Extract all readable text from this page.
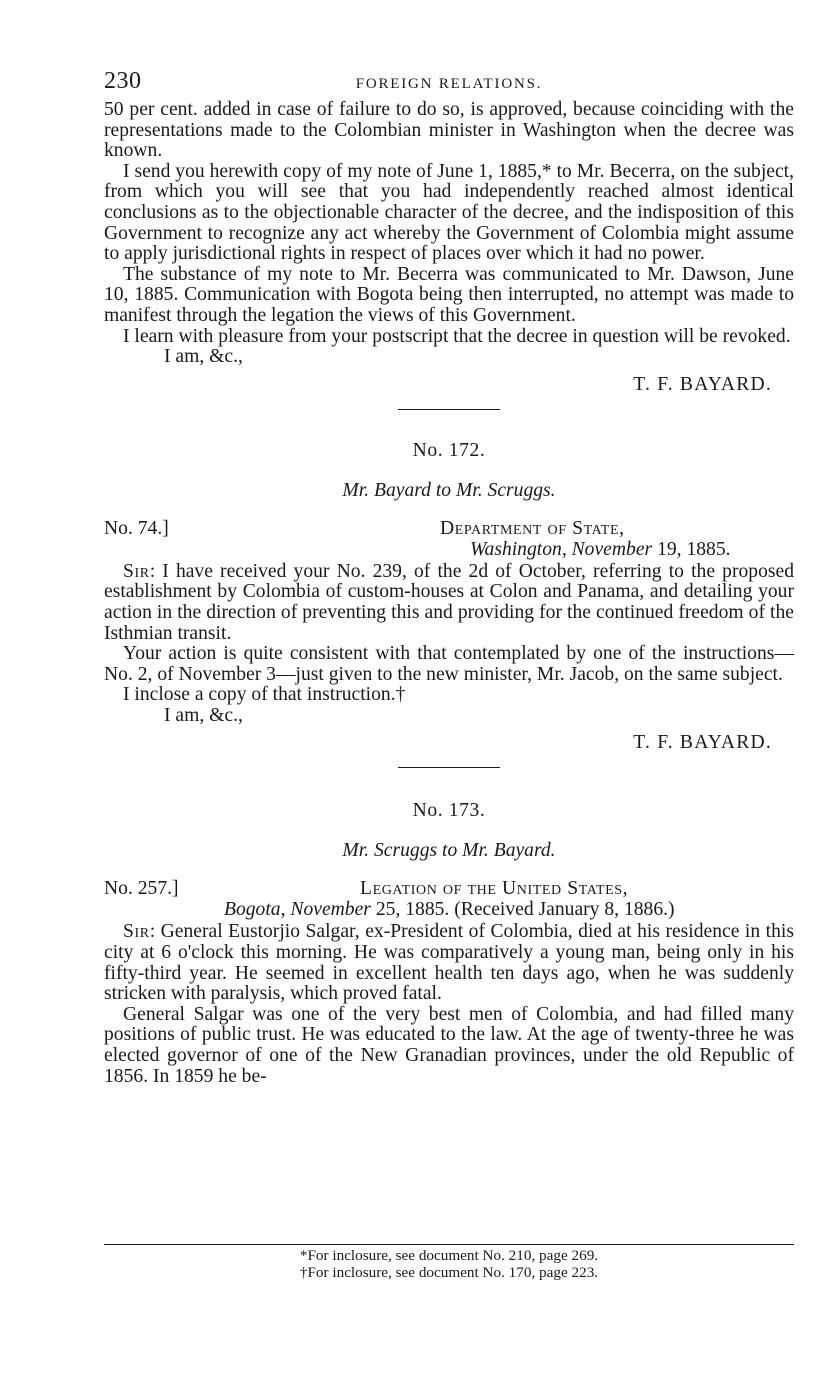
230	FOREIGN RELATIONS.

50 per cent. added in case of failure to do so, is approved, because coinciding with the representations made to the Colombian minister in Washington when the decree was known.

I send you herewith copy of my note of June 1, 1885,* to Mr. Becerra, on the subject, from which you will see that you had independently reached almost identical conclusions as to the objectionable character of the decree, and the indisposition of this Government to recognize any act whereby the Government of Colombia might assume to apply jurisdictional rights in respect of places over which it had no power.

The substance of my note to Mr. Becerra was communicated to Mr. Dawson, June 10, 1885. Communication with Bogota being then interrupted, no attempt was made to manifest through the legation the views of this Government.

I learn with pleasure from your postscript that the decree in question will be revoked.

I am, &c.,
T. F. BAYARD.
No. 172.
Mr. Bayard to Mr. Scruggs.
No. 74.]	Department of State,
Washington, November 19, 1885.

Sir: I have received your No. 239, of the 2d of October, referring to the proposed establishment by Colombia of custom-houses at Colon and Panama, and detailing your action in the direction of preventing this and providing for the continued freedom of the Isthmian transit.

Your action is quite consistent with that contemplated by one of the instructions—No. 2, of November 3—just given to the new minister, Mr. Jacob, on the same subject.

I inclose a copy of that instruction.†

I am, &c.,
T. F. BAYARD.
No. 173.
Mr. Scruggs to Mr. Bayard.
No. 257.]	Legation of the United States,
Bogota, November 25, 1885. (Received January 8, 1886.)

Sir: General Eustorjio Salgar, ex-President of Colombia, died at his residence in this city at 6 o'clock this morning. He was comparatively a young man, being only in his fifty-third year. He seemed in excellent health ten days ago, when he was suddenly stricken with paralysis, which proved fatal.

General Salgar was one of the very best men of Colombia, and had filled many positions of public trust. He was educated to the law. At the age of twenty-three he was elected governor of one of the New Granadian provinces, under the old Republic of 1856. In 1859 he be-

*For inclosure, see document No. 210, page 269.
†For inclosure, see document No. 170, page 223.
